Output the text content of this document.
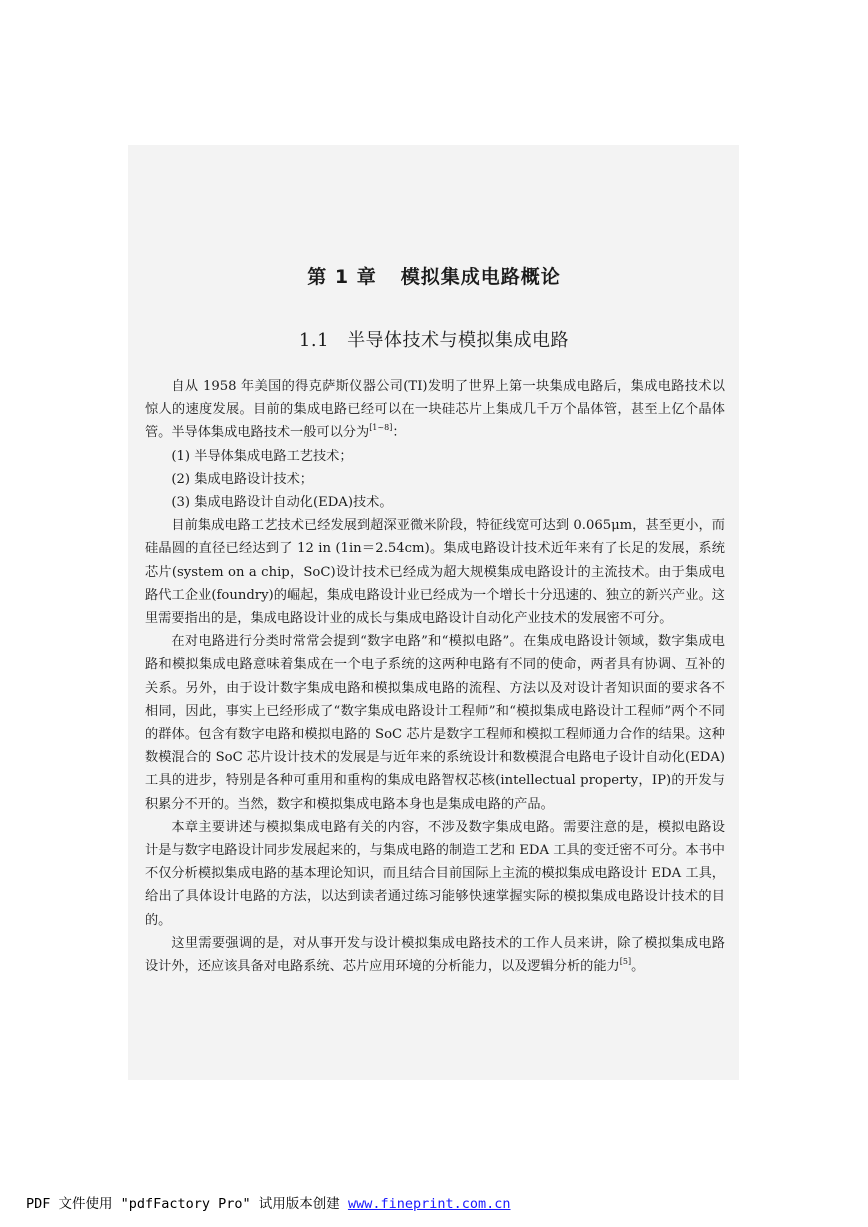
第 1 章 模拟集成电路概论
1.1 半导体技术与模拟集成电路

自从 1958 年美国的得克萨斯仪器公司(TI)发明了世界上第一块集成电路后，集成电路技术以惊人的速度发展。目前的集成电路已经可以在一块硅芯片上集成几千万个晶体管，甚至上亿个晶体管。半导体集成电路技术一般可以分为[1~8]：

(1) 半导体集成电路工艺技术；

(2) 集成电路设计技术；

(3) 集成电路设计自动化(EDA)技术。

目前集成电路工艺技术已经发展到超深亚微米阶段，特征线宽可达到 0.065μm，甚至更小，而硅晶圆的直径已经达到了 12 in (1in＝2.54cm)。集成电路设计技术近年来有了长足的发展，系统芯片(system on a chip，SoC)设计技术已经成为超大规模集成电路设计的主流技术。由于集成电路代工企业(foundry)的崛起，集成电路设计业已经成为一个增长十分迅速的、独立的新兴产业。这里需要指出的是，集成电路设计业的成长与集成电路设计自动化产业技术的发展密不可分。

在对电路进行分类时常常会提到“数字电路”和“模拟电路”。在集成电路设计领域，数字集成电路和模拟集成电路意味着集成在一个电子系统的这两种电路有不同的使命，两者具有协调、互补的关系。另外，由于设计数字集成电路和模拟集成电路的流程、方法以及对设计者知识面的要求各不相同，因此，事实上已经形成了“数字集成电路设计工程师”和“模拟集成电路设计工程师”两个不同的群体。包含有数字电路和模拟电路的 SoC 芯片是数字工程师和模拟工程师通力合作的结果。这种数模混合的 SoC 芯片设计技术的发展是与近年来的系统设计和数模混合电路电子设计自动化(EDA)工具的进步，特别是各种可重用和重构的集成电路智权芯核(intellectual property，IP)的开发与积累分不开的。当然，数字和模拟集成电路本身也是集成电路的产品。

本章主要讲述与模拟集成电路有关的内容，不涉及数字集成电路。需要注意的是，模拟电路设计是与数字电路设计同步发展起来的，与集成电路的制造工艺和 EDA 工具的变迁密不可分。本书中不仅分析模拟集成电路的基本理论知识，而且结合目前国际上主流的模拟集成电路设计 EDA 工具，给出了具体设计电路的方法，以达到读者通过练习能够快速掌握实际的模拟集成电路设计技术的目的。

这里需要强调的是，对从事开发与设计模拟集成电路技术的工作人员来讲，除了模拟集成电路设计外，还应该具备对电路系统、芯片应用环境的分析能力，以及逻辑分析的能力[5]。

PDF 文件使用 "pdfFactory Pro" 试用版本创建 www.fineprint.com.cn
